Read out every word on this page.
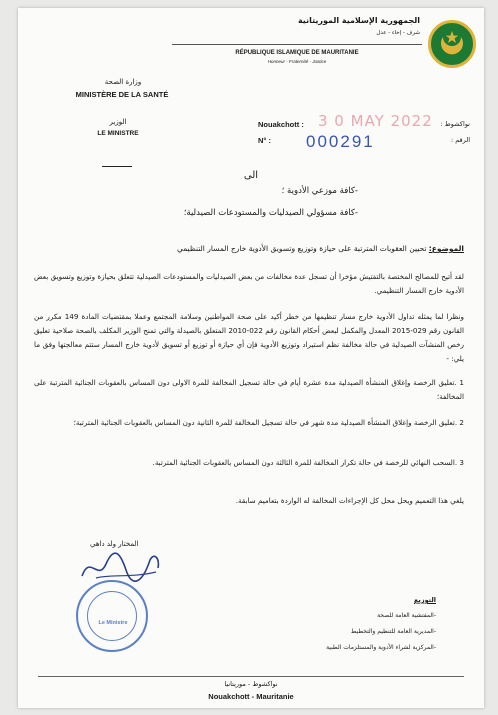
الجمهورية الإسلامية الموريتانية
شرف - إخاء - عدل
RÉPUBLIQUE ISLAMIQUE DE MAURITANIE
Honneur - Fraternité - Justice
وزارة الصحة
MINISTÈRE DE LA SANTÉ
الوزير
LE MINISTRE
Nouakchott : 3 0 MAY 2022 نواكشوط :
N° : 000291	الرقم :
الى
-كافة موزعي الأدوية ؛
-كافة مسؤولي الصيدليات والمستودعات الصيدلية؛
الموضوع: تحيين العقوبات المترتبة على حيازة وتوزيع وتسويق الأدوية خارج المسار التنظيمي
لقد أتيح للمصالح المختصة بالتفتيش مؤخرا أن تسجل عدة مخالفات من بعض الصيدليات والمستودعات الصيدلية تتعلق بحيازة وتوزيع وتسويق بعض الأدوية خارج المسار التنظيمي.
ونظرا لما يمثله تداول الأدوية خارج مسار تنظيمها من خطر أكيد على صحة المواطنين وسلامة المجتمع وعملا بمقتضيات المادة 149 مكرر من القانون رقم 029-2015 المعدل والمكمل لبعض أحكام القانون رقم 022-2010 المتعلق بالصيدلة والتي تمنح الوزير المكلف بالصحة صلاحية تعليق رخص المنشآت الصيدلية في حالة مخالفة نظم استيراد وتوزيع الأدوية فإن أي حيازة أو توزيع أو تسويق لأدوية خارج المسار ستتم معالجتها وفق ما يلي: -
1 .تعليق الرخصة وإغلاق المنشأة الصيدلية مدة عشرة أيام في حالة تسجيل المخالفة للمرة الاولى دون المساس بالعقوبات الجنائية المترتبة على المخالفة؛
2 .تعليق الرخصة وإغلاق المنشأة الصيدلية مدة شهر في حالة تسجيل المخالفة للمرة الثانية دون المساس بالعقوبات الجنائية المترتبة؛
3 .السحب النهائي للرخصة في حالة تكرار المخالفة للمرة الثالثة دون المساس بالعقوبات الجنائية المترتبة.
يلغي هذا التعميم ويحل محل كل الإجراءات المخالفة له الواردة بتعاميم سابقة.
المختار ولد داهي
Le Ministre
التوزيع
-المفتشية العامة للصحة
-المديرية العامة للتنظيم والتخطيط
-المركزية لشراء الأدوية والمستلزمات الطبية
نواكشوط - موريتانيا
Nouakchott - Mauritanie
